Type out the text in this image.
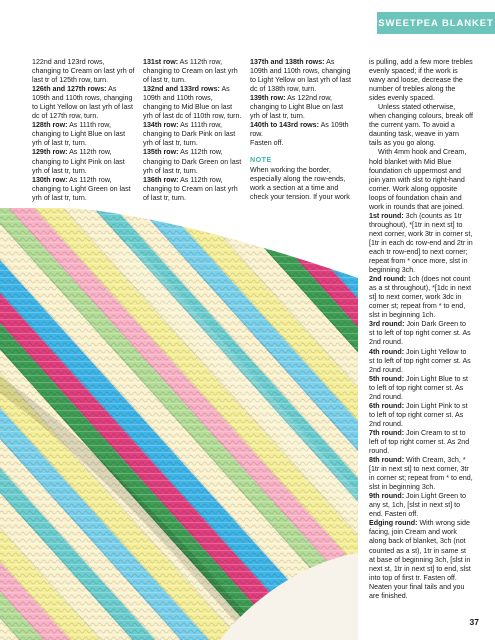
SWEETPEA BLANKET

122nd and 123rd rows, changing to Cream on last yrh of last tr of 125th row, turn.

126th and 127th rows: As 109th and 110th rows, changing to Light Yellow on last yrh of last dc of 127th row, turn.

128th row: As 111th row, changing to Light Blue on last yrh of last tr, turn.

129th row: As 112th row, changing to Light Pink on last yrh of last tr, turn.

130th row: As 112th row, changing to Light Green on last yrh of last tr, turn.

131st row: As 112th row, changing to Cream on last yrh of last tr, turn.

132nd and 133rd rows: As 109th and 110th rows, changing to Mid Blue on last yrh of last dc of 110th row, turn.

134th row: As 111th row, changing to Dark Pink on last yrh of last tr, turn.

135th row: As 112th row, changing to Dark Green on last yrh of last tr, turn.

136th row: As 112th row, changing to Cream on last yrh of last tr, turn.

137th and 138th rows: As 109th and 110th rows, changing to Light Yellow on last yrh of last dc of 138th row, turn.

139th row: As 122nd row, changing to Light Blue on last yrh of last tr, turn.

140th to 143rd rows: As 109th row.

Fasten off.

NOTE

When working the border, especially along the row-ends, work a section at a time and check your tension. If your work

is pulling, add a few more trebles evenly spaced; if the work is wavy and loose, decrease the number of trebles along the sides evenly spaced.

Unless stated otherwise, when changing colours, break off the current yarn. To avoid a daunting task, weave in yarn tails as you go along.

With 4mm hook and Cream, hold blanket with Mid Blue foundation ch uppermost and join yarn with slst to right-hand corner. Work along opposite loops of foundation chain and work in rounds that are joined.

1st round: 3ch (counts as 1tr throughout), *[1tr in next st] to next corner, work 3tr in corner st, [1tr in each dc row-end and 2tr in each tr row-end] to next corner; repeat from * once more, slst in beginning 3ch.

2nd round: 1ch (does not count as a st throughout), *[1dc in next st] to next corner, work 3dc in corner st; repeat from * to end, slst in beginning 1ch.

3rd round: Join Dark Green to st to left of top right corner st. As 2nd round.

4th round: Join Light Yellow to st to left of top right corner st. As 2nd round.

5th round: Join Light Blue to st to left of top right corner st. As 2nd round.

6th round: Join Light Pink to st to left of top right corner st. As 2nd round.

7th round: Join Cream to st to left of top right corner st. As 2nd round.

8th round: With Cream, 3ch, *[1tr in next st] to next corner, 3tr in corner st; repeat from * to end, slst in beginning 3ch.

9th round: Join Light Green to any st, 1ch, [slst in next st] to end. Fasten off.

Edging round: With wrong side facing, join Cream and work along back of blanket, 3ch (not counted as a st), 1tr in same st at base of beginning 3ch, [slst in next st, 1tr in next st] to end, slst into top of first tr. Fasten off. Neaten your final tails and you are finished.

37
